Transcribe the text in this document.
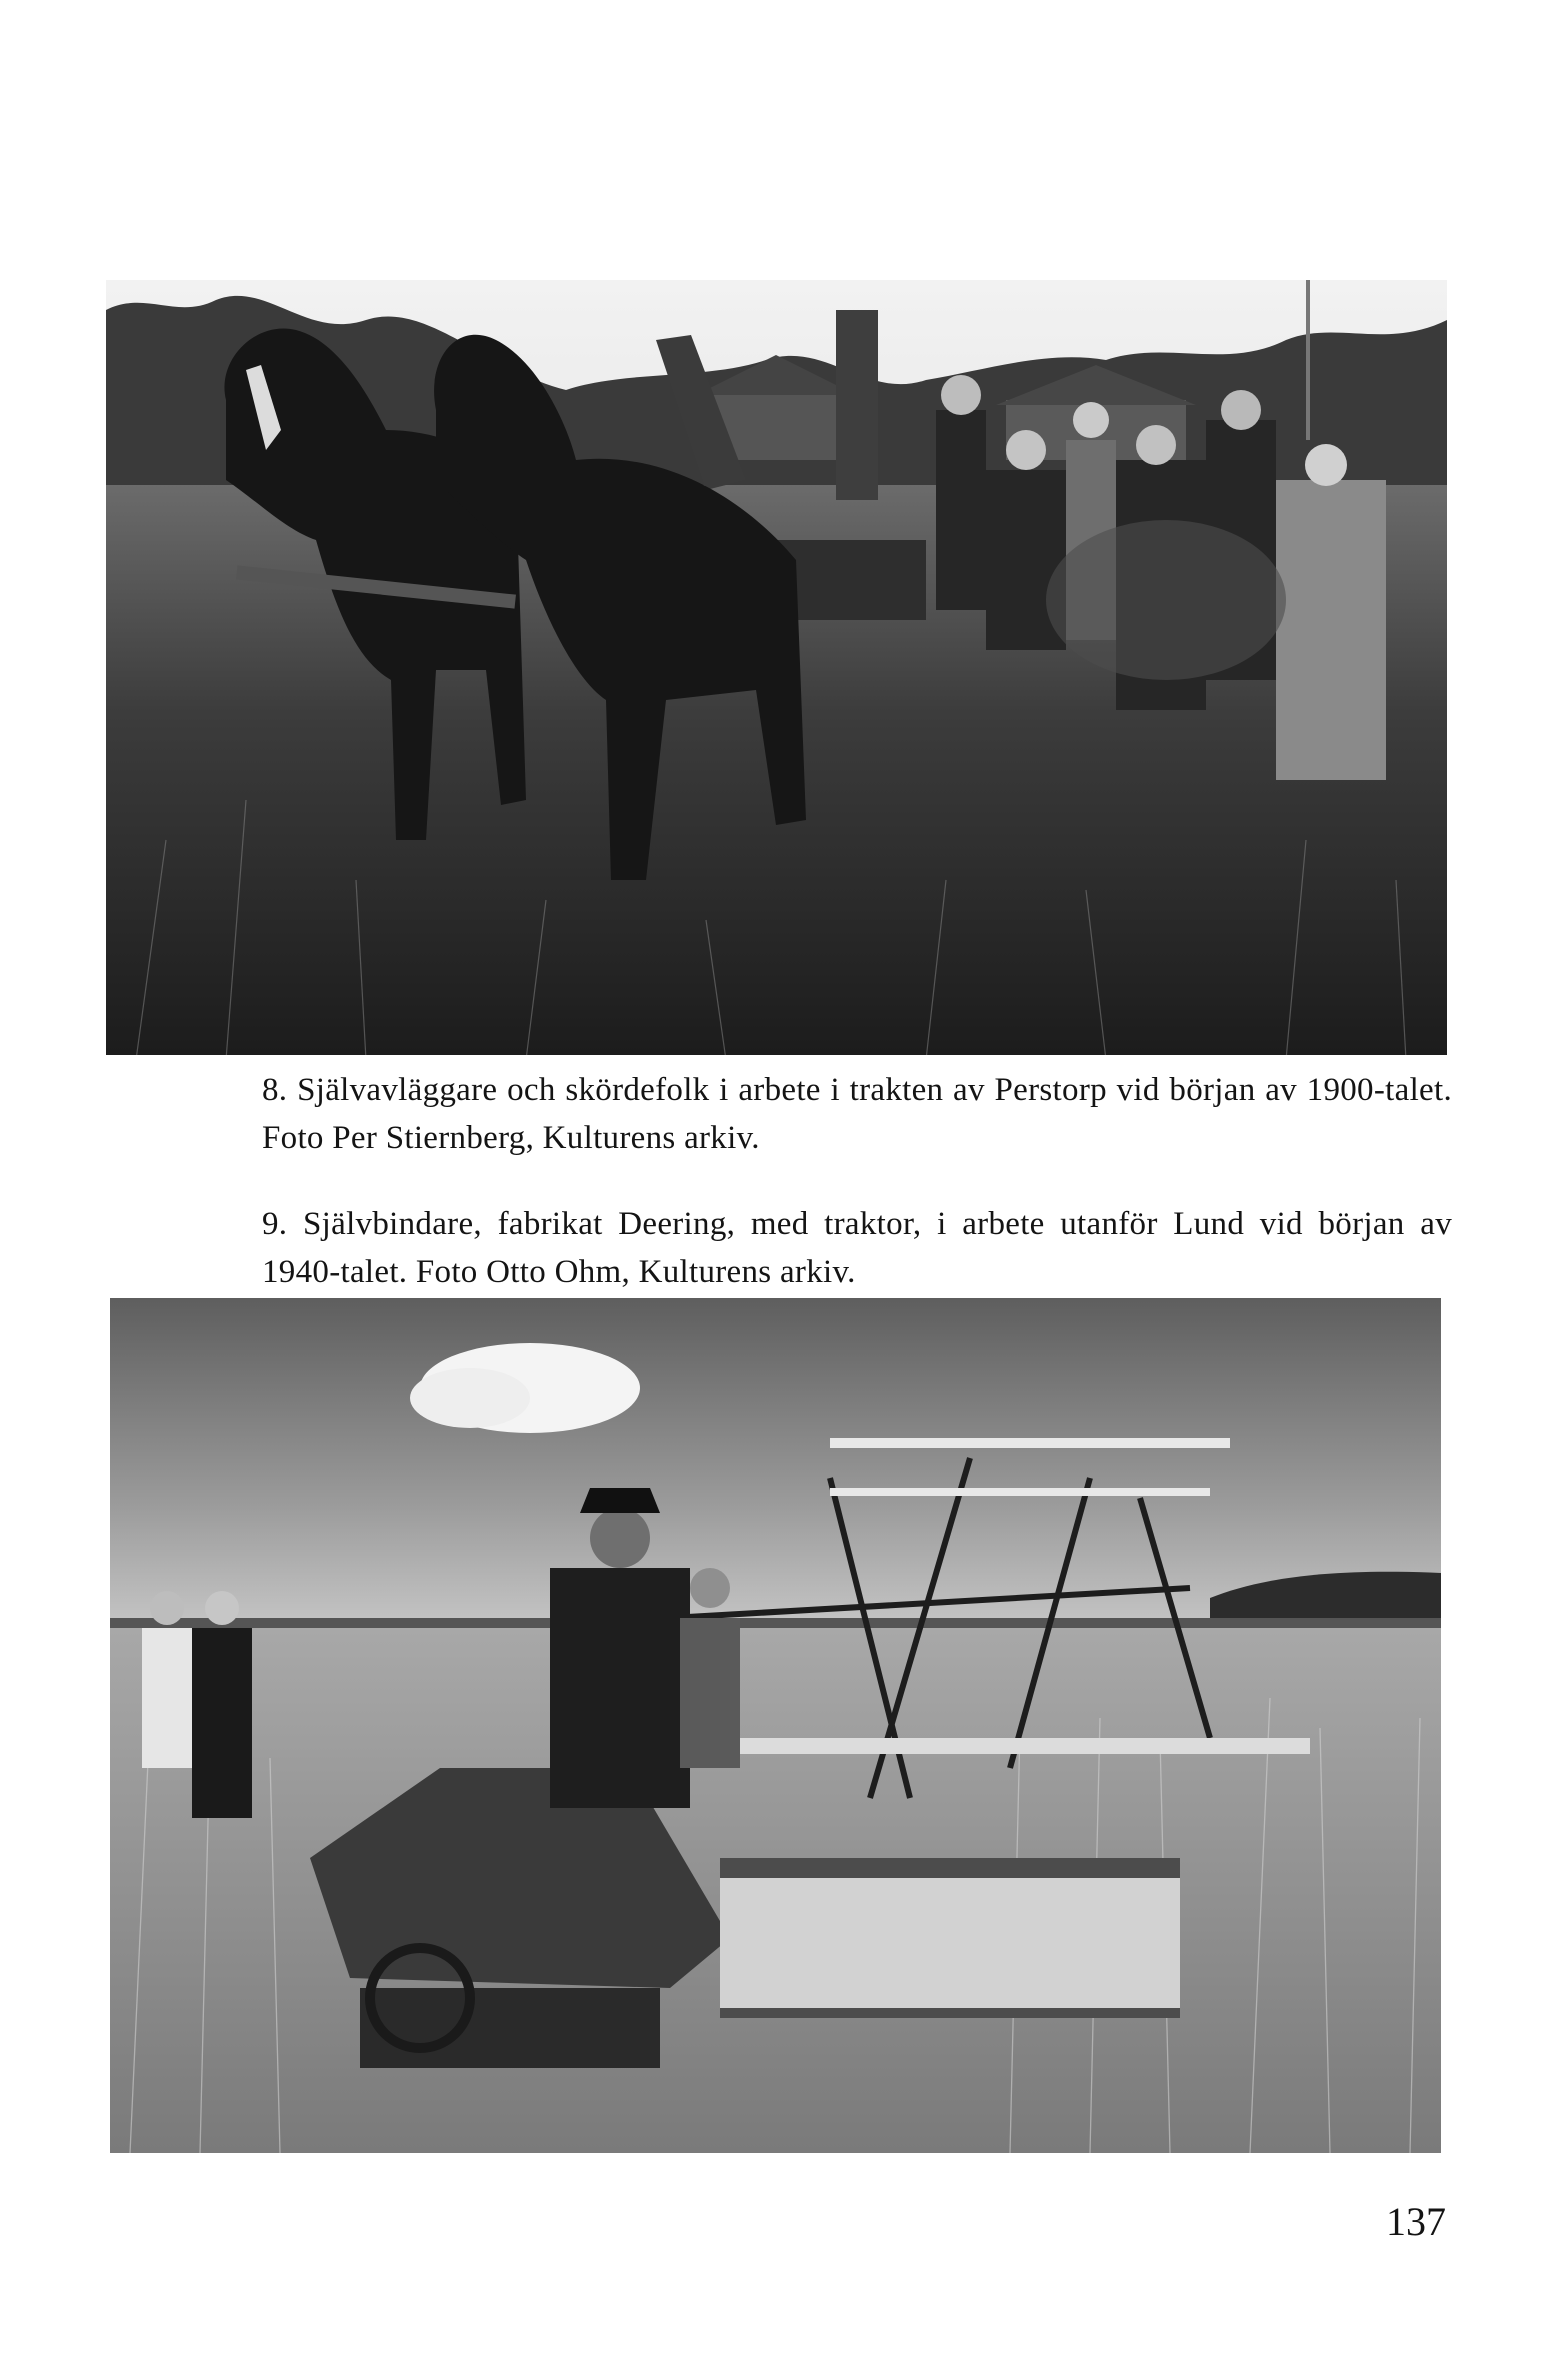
8. Självavläggare och skördefolk i arbete i trakten av Perstorp vid början av 1900-talet. Foto Per Stiernberg, Kulturens arkiv.
9. Självbindare, fabrikat Deering, med traktor, i arbete utanför Lund vid början av 1940-talet. Foto Otto Ohm, Kulturens arkiv.
137
